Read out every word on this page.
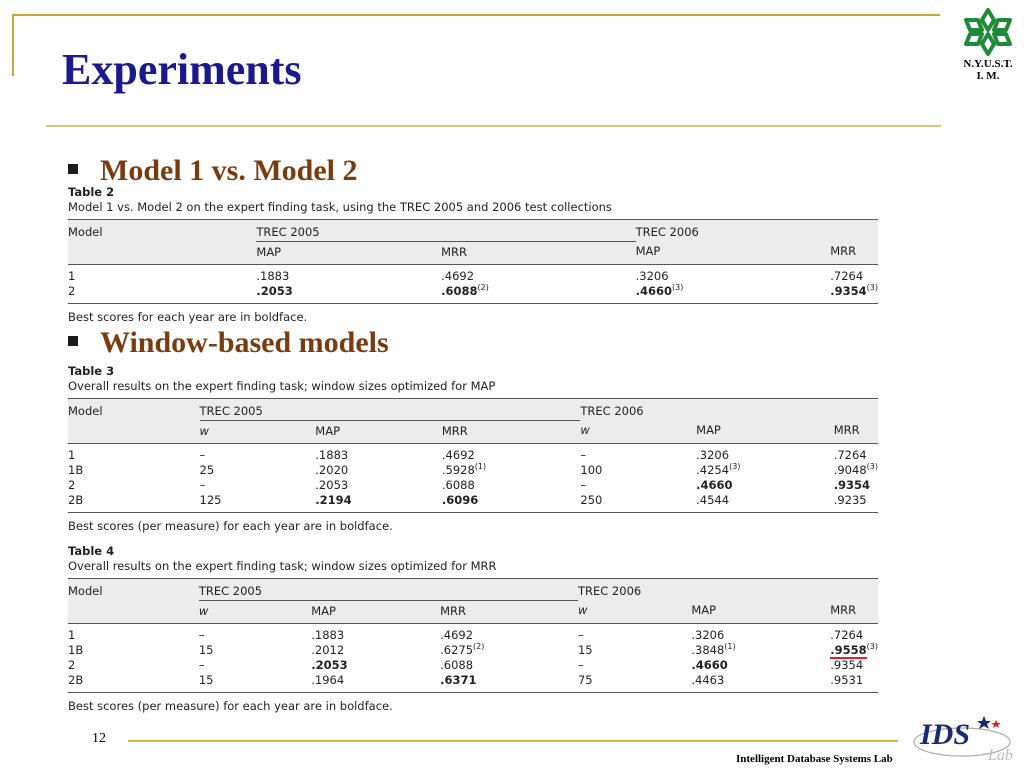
Experiments	N.Y.U.S.T.
I. M.
Model 1 vs. Model 2
Table 2
Model 1 vs. Model 2 on the expert finding task, using the TREC 2005 and 2006 test collections
Model	TREC 2005		TREC 2006	
	MAP	MRR	MAP	MRR
1	.1883	.4692	.3206	.7264
2	.2053	.6088$^{(2)}$	.4660$^{(3)}$	.9354$^{(3)}$
Best scores for each year are in boldface.
Window-based models
Table 3
Overall results on the expert finding task; window sizes optimized for MAP
Model	TREC 2005			TREC 2006		
	w	MAP	MRR	w	MAP	MRR
1	–	.1883	.4692	–	.3206	.7264
1B	25	.2020	.5928$^{(1)}$	100	.4254$^{(3)}$	.9048$^{(3)}$
2	–	.2053	.6088	–	.4660	.9354
2B	125	.2194	.6096	250	.4544	.9235
Best scores (per measure) for each year are in boldface.
Table 4
Overall results on the expert finding task; window sizes optimized for MRR
Model	TREC 2005			TREC 2006		
	w	MAP	MRR	w	MAP	MRR
1	–	.1883	.4692	–	.3206	.7264
1B	15	.2012	.6275$^{(2)}$	15	.3848$^{(1)}$	.9558$^{(3)}$
2	–	.2053	.6088	–	.4660	.9354
2B	15	.1964	.6371	75	.4463	.9531
Best scores (per measure) for each year are in boldface.
12
Intelligent Database Systems Lab
IDS
Lab
